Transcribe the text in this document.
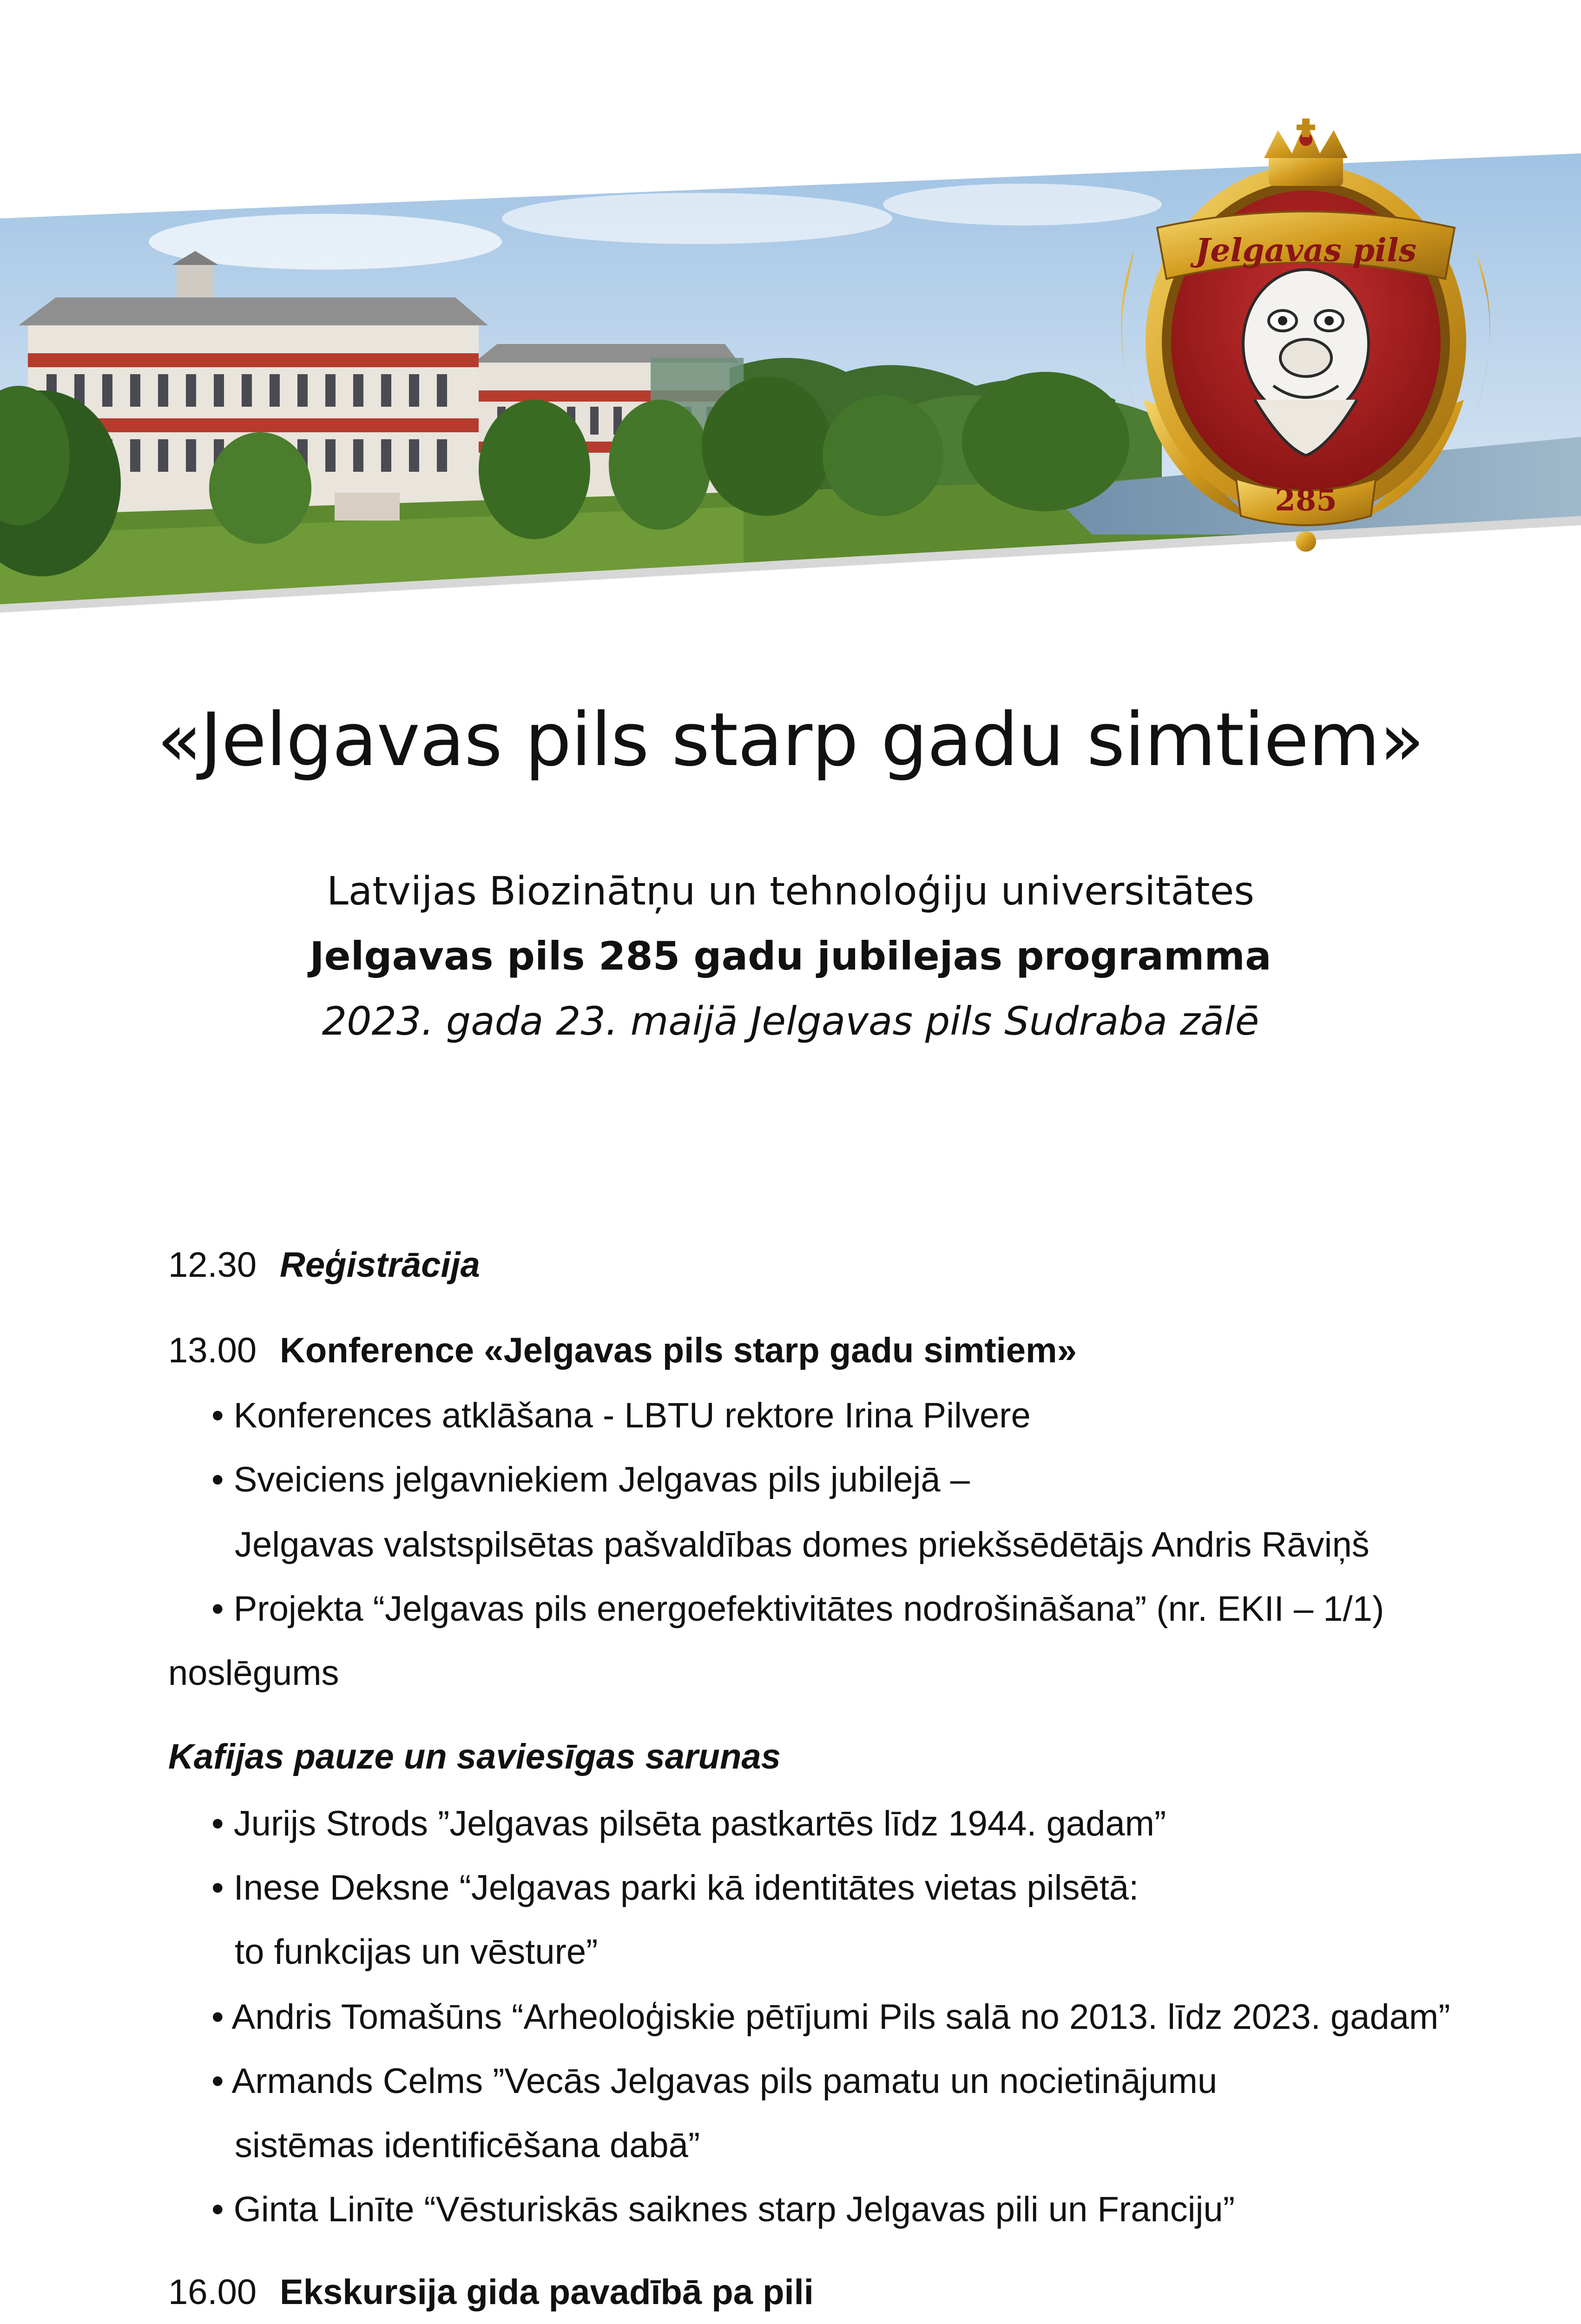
Jelgavas pils
285
«Jelgavas pils starp gadu simtiem»
Latvijas Biozinātņu un tehnoloģiju universitātes
Jelgavas pils 285 gadu jubilejas programma
2023. gada 23. maijā Jelgavas pils Sudraba zālē
12.30 Reģistrācija
13.00 Konference «Jelgavas pils starp gadu simtiem»
• Konferences atklāšana - LBTU rektore Irina Pilvere
• Sveiciens jelgavniekiem Jelgavas pils jubilejā –
Jelgavas valstspilsētas pašvaldības domes priekšsēdētājs Andris Rāviņš
• Projekta “Jelgavas pils energoefektivitātes nodrošināšana” (nr. EKII – 1/1)
noslēgums
Kafijas pauze un saviesīgas sarunas
• Jurijs Strods ”Jelgavas pilsēta pastkartēs līdz 1944. gadam”
• Inese Deksne “Jelgavas parki kā identitātes vietas pilsētā:
to funkcijas un vēsture”
• Andris Tomašūns “Arheoloģiskie pētījumi Pils salā no 2013. līdz 2023. gadam”
• Armands Celms ”Vecās Jelgavas pils pamatu un nocietinājumu
sistēmas identificēšana dabā”
• Ginta Linīte “Vēsturiskās saiknes starp Jelgavas pili un Franciju”
16.00 Ekskursija gida pavadībā pa pili
